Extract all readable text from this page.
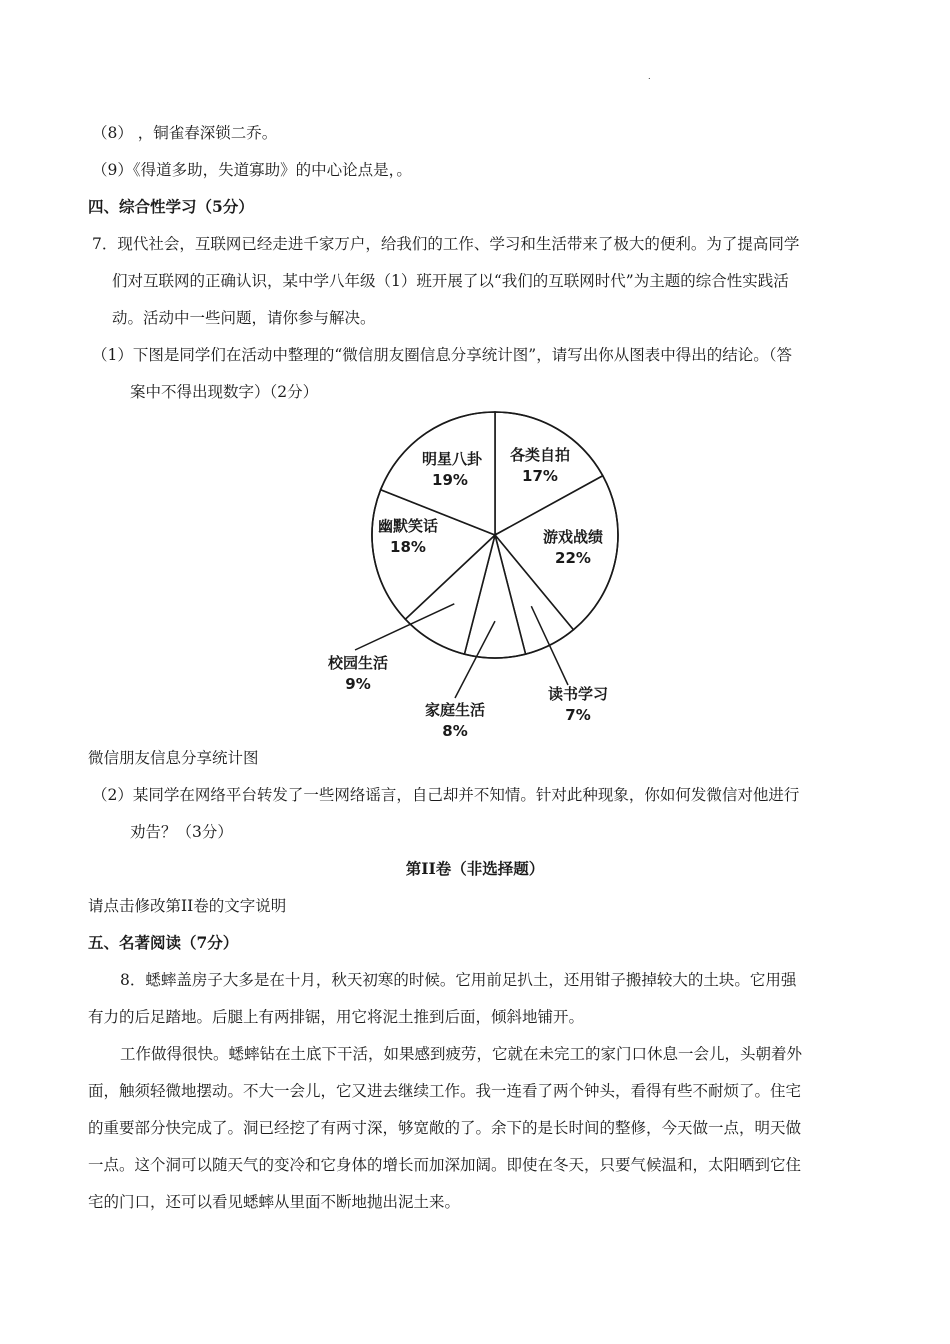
.
（8） ，铜雀春深锁二乔。
（9）《得道多助，失道寡助》的中心论点是，。
四、综合性学习（5分）
7．现代社会，互联网已经走进千家万户，给我们的工作、学习和生活带来了极大的便利。为了提高同学
们对互联网的正确认识，某中学八年级（1）班开展了以“我们的互联网时代”为主题的综合性实践活
动。活动中一些问题，请你参与解决。
（1）下图是同学们在活动中整理的“微信朋友圈信息分享统计图”，请写出你从图表中得出的结论。（答
案中不得出现数字）（2分）
明星八卦
19%
各类自拍
17%
幽默笑话
18%
游戏战绩
22%
校园生活
9%
家庭生活
8%
读书学习
7%
微信朋友信息分享统计图
（2）某同学在网络平台转发了一些网络谣言，自己却并不知情。针对此种现象，你如何发微信对他进行
劝告？（3分）
第II卷（非选择题）
请点击修改第II卷的文字说明
五、名著阅读（7分）
8．蟋蟀盖房子大多是在十月，秋天初寒的时候。它用前足扒土，还用钳子搬掉较大的土块。它用强
有力的后足踏地。后腿上有两排锯，用它将泥土推到后面，倾斜地铺开。
工作做得很快。蟋蟀钻在土底下干活，如果感到疲劳，它就在未完工的家门口休息一会儿，头朝着外
面，触须轻微地摆动。不大一会儿，它又进去继续工作。我一连看了两个钟头，看得有些不耐烦了。住宅
的重要部分快完成了。洞已经挖了有两寸深，够宽敞的了。余下的是长时间的整修，今天做一点，明天做
一点。这个洞可以随天气的变冷和它身体的增长而加深加阔。即使在冬天，只要气候温和，太阳晒到它住
宅的门口，还可以看见蟋蟀从里面不断地抛出泥土来。
